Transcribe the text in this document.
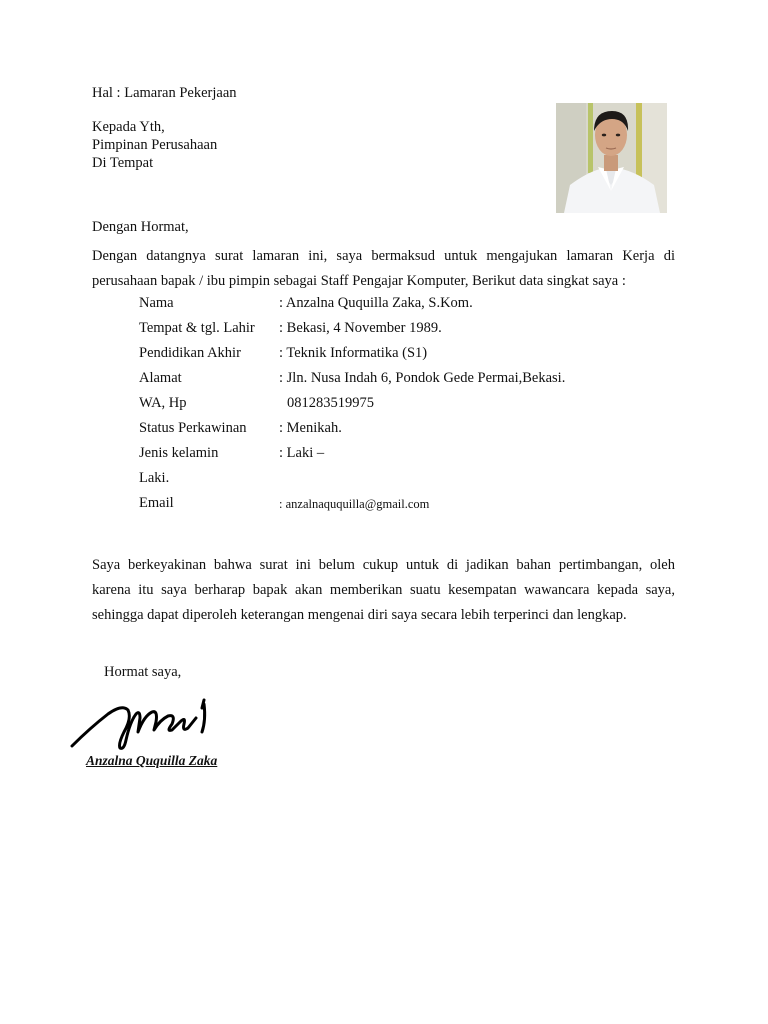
Hal : Lamaran Pekerjaan
Kepada Yth,
Pimpinan Perusahaan
Di Tempat
Dengan Hormat,
Dengan datangnya surat lamaran ini, saya bermaksud untuk mengajukan lamaran Kerja di
perusahaan bapak / ibu pimpin sebagai Staff Pengajar Komputer, Berikut data singkat saya :
Nama	: Anzalna Ququilla Zaka, S.Kom.
Tempat & tgl. Lahir : Bekasi, 4 November 1989.
Pendidikan Akhir	: Teknik Informatika (S1)
Alamat	: Jln. Nusa Indah 6, Pondok Gede Permai,Bekasi.
WA, Hp	081283519975
Status Perkawinan : Menikah.
Jenis kelamin	: Laki –
Laki.
Email	: anzalnaququilla@gmail.com
Saya berkeyakinan bahwa surat ini belum cukup untuk di jadikan bahan pertimbangan, oleh
karena itu saya berharap bapak akan memberikan suatu kesempatan wawancara kepada saya,
sehingga dapat diperoleh keterangan mengenai diri saya secara lebih terperinci dan lengkap.
Hormat saya,
Anzalna Ququilla Zaka
